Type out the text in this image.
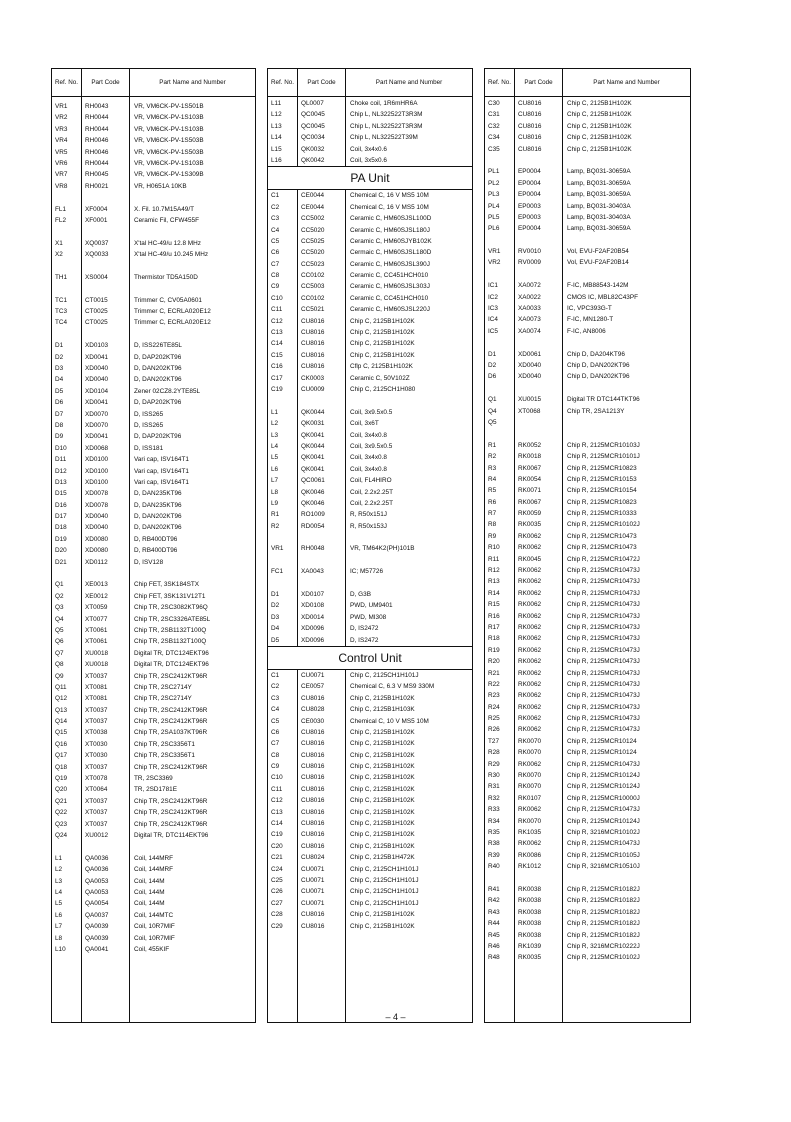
Ref. No.	Part Code	Part Name and Number
VR1	RH0043	VR, VM6CK-PV-1S501B
VR2	RH0044	VR, VM6CK-PV-1S103B
VR3	RH0044	VR, VM6CK-PV-1S103B
VR4	RH0046	VR, VM6CK-PV-1S503B
VR5	RH0046	VR, VM6CK-PV-1S503B
VR6	RH0044	VR, VM6CK-PV-1S103B
VR7	RH0045	VR, VM6CK-PV-1S309B
VR8	RH0021	VR, H0651A 10KB
FL1	XF0004	X. Fil. 10.7M15A49/T
FL2	XF0001	Ceramic Fil, CFW455F
X1	XQ0037	X'tal HC-49/u 12.8 MHz
X2	XQ0033	X'tal HC-49/u 10.245 MHz
TH1	XS0004	Thermistor TD5A150D
TC1	CT0015	Trimmer C, CV05A0601
TC3	CT0025	Trimmer C, ECRLA020E12
TC4	CT0025	Trimmer C, ECRLA020E12
D1	XD0103	D, ISS226TE85L
D2	XD0041	D, DAP202KT96
D3	XD0040	D, DAN202KT96
D4	XD0040	D, DAN202KT96
D5	XD0104	Zener 02CZ8.2YTE85L
D6	XD0041	D, DAP202KT96
D7	XD0070	D, ISS265
D8	XD0070	D, ISS265
D9	XD0041	D, DAP202KT96
D10	XD0068	D, ISS181
D11	XD0100	Vari cap, ISV164T1
D12	XD0100	Vari cap, ISV164T1
D13	XD0100	Vari cap, ISV164T1
D15	XD0078	D, DAN235KT96
D16	XD0078	D, DAN235KT96
D17	XD0040	D, DAN202KT96
D18	XD0040	D, DAN202KT96
D19	XD0080	D, RB400DT96
D20	XD0080	D, RB400DT96
D21	XD0112	D, ISV128
Q1	XE0013	Chip FET, 3SK184STX
Q2	XE0012	Chip FET, 3SK131V12T1
Q3	XT0059	Chip TR, 2SC3082KT96Q
Q4	XT0077	Chip TR, 2SC3326ATE85L
Q5	XT0061	Chip TR, 2SB1132T100Q
Q6	XT0061	Chip TR, 2SB1132T100Q
Q7	XU0018	Digital TR, DTC124EKT96
Q8	XU0018	Digital TR, DTC124EKT96
Q9	XT0037	Chip TR, 2SC2412KT96R
Q11	XT0081	Chip TR, 2SC2714Y
Q12	XT0081	Chip TR, 2SC2714Y
Q13	XT0037	Chip TR, 2SC2412KT96R
Q14	XT0037	Chip TR, 2SC2412KT96R
Q15	XT0038	Chip TR, 2SA1037KT96R
Q16	XT0030	Chip TR, 2SC3356T1
Q17	XT0030	Chip TR, 2SC3356T1
Q18	XT0037	Chip TR, 2SC2412KT96R
Q19	XT0078	TR, 2SC3369
Q20	XT0064	TR, 2SD1781E
Q21	XT0037	Chip TR, 2SC2412KT96R
Q22	XT0037	Chip TR, 2SC2412KT96R
Q23	XT0037	Chip TR, 2SC2412KT96R
Q24	XU0012	Digital TR, DTC114EKT96
L1	QA0036	Coil, 144MRF
L2	QA0036	Coil, 144MRF
L3	QA0053	Coil, 144M
L4	QA0053	Coil, 144M
L5	QA0054	Coil, 144M
L6	QA0037	Coil, 144MTC
L7	QA0039	Coil, 10R7MIF
L8	QA0039	Coil, 10R7MIF
L10	QA0041	Coil, 455KIF
Ref. No.	Part Code	Part Name and Number
L11	QL0007	Choke coil, 1R6mHR6A
L12	QC0045	Chip L, NL322522T3R3M
L13	QC0045	Chip L, NL322522T3R3M
L14	QC0034	Chip L, NL322522T39M
L15	QK0032	Coil, 3x4x0.6
L16	QK0042	Coil, 3x5x0.6
PA Unit
C1	CE0044	Chemical C, 16 V MS5 10M
C2	CE0044	Chemical C, 16 V MS5 10M
C3	CC5002	Ceramic C, HM60SJSL100D
C4	CC5020	Ceramic C, HM60SJSL180J
C5	CC5025	Ceramic C, HM60SJYB102K
C6	CC5020	Cermaic C, HM60SJSL180D
C7	CC5023	Ceramic C, HM60SJSL390J
C8	CC0102	Ceramic C, CC451HCH010
C9	CC5003	Ceramic C, HM60SJSL303J
C10	CC0102	Ceramic C, CC451HCH010
C11	CC5021	Ceramic C, HM60SJSL220J
C12	CU8016	Chip C, 2125B1H102K
C13	CU8016	Chip C, 2125B1H102K
C14	CU8016	Chip C, 2125B1H102K
C15	CU8016	Chip C, 2125B1H102K
C16	CU8016	Cflp C, 2125B1H102K
C17	CK0003	Ceramic C, 50V102Z
C19	CU0009	Chip C, 2125CH1H080
L1	QK0044	Coil, 3x9.5x0.5
L2	QK0031	Coil, 3x6T
L3	QK0041	Coil, 3x4x0.8
L4	QK0044	Coil, 3x9.5x0.5
L5	QK0041	Coil, 3x4x0.8
L6	QK0041	Coil, 3x4x0.8
L7	QC0061	Coil, FL4HIRO
L8	QK0046	Coil, 2.2x2.25T
L9	QK0046	Coil, 2.2x2.25T
R1	RO1009	R, R50x151J
R2	RD0054	R, R50x153J
VR1	RH0048	VR, TM64K2(PH)101B
FC1	XA0043	IC; M57726
D1	XD0107	D, G3B
D2	XD0108	PWD, UM9401
D3	XD0014	PWD, MI308
D4	XD0096	D, IS2472
D5	XD0096	D, IS2472
Control Unit
C1	CU0071	Chip C, 2125CH1H101J
C2	CE0057	Chemical C, 6.3 V MS9 330M
C3	CU8016	Chip C, 2125B1H102K
C4	CU8028	Chip C, 2125B1H103K
C5	CE0030	Chemical C, 10 V MS5 10M
C6	CU8016	Chip C, 2125B1H102K
C7	CU8016	Chip C, 2125B1H102K
C8	CU8016	Chip C, 2125B1H102K
C9	CU8016	Chip C, 2125B1H102K
C10	CU8016	Chip C, 2125B1H102K
C11	CU8016	Chip C, 2125B1H102K
C12	CU8016	Chip C, 2125B1H102K
C13	CU8016	Chip C, 2125B1H102K
C14	CU8016	Chip C, 2125B1H102K
C19	CU8016	Chip C, 2125B1H102K
C20	CU8016	Chip C, 2125B1H102K
C21	CU8024	Chip C, 2125B1H472K
C24	CU0071	Chip C, 2125CH1H101J
C25	CU0071	Chip C, 2125CH1H101J
C26	CU0071	Chip C, 2125CH1H101J
C27	CU0071	Chip C, 2125CH1H101J
C28	CU8016	Chip C, 2125B1H102K
C29	CU8016	Chip C, 2125B1H102K
Ref. No.	Part Code	Part Name and Number
C30	CU8016	Chip C, 2125B1H102K
C31	CU8016	Chip C, 2125B1H102K
C32	CU8016	Chip C, 2125B1H102K
C34	CU8016	Chip C, 2125B1H102K
C35	CU8016	Chip C, 2125B1H102K
PL1	EP0004	Lamp, BQ031-30659A
PL2	EP0004	Lamp, BQ031-30659A
PL3	EP0004	Lamp, BQ031-30659A
PL4	EP0003	Lamp, BQ031-30403A
PL5	EP0003	Lamp, BQ031-30403A
PL6	EP0004	Lamp, BQ031-30659A
VR1	RV0010	Vol, EVU-F2AF20B54
VR2	RV0009	Vol, EVU-F2AF20B14
IC1	XA0072	F-IC, MB88543-142M
IC2	XA0022	CMOS IC, MBL82C43PF
IC3	XA0033	IC, VPC393G-T
IC4	XA0073	F-IC, MN1280-T
IC5	XA0074	F-IC, AN8006
D1	XD0061	Chip D, DA204KT96
D2	XD0040	Chip D, DAN202KT96
D6	XD0040	Chip D, DAN202KT96
Q1	XU0015	Digital TR DTC144TKT96
Q4	XT0068	Chip TR, 2SA1213Y
Q5
R1	RK0052	Chip R, 2125MCR10103J
R2	RK0018	Chip R, 2125MCR10101J
R3	RK0067	Chip R, 2125MCR10823
R4	RK0054	Chip R, 2125MCR10153
R5	RK0071	Chip R, 2125MCR10154
R6	RK0067	Chip R, 2125MCR10823
R7	RK0059	Chip R, 2125MCR10333
R8	RK0035	Chip R, 2125MCR10102J
R9	RK0062	Chip R, 2125MCR10473
R10	RK0062	Chip R, 2125MCR10473
R11	RK0045	Chip R, 2125MCR10472J
R12	RK0062	Chip R, 2125MCR10473J
R13	RK0062	Chip R, 2125MCR10473J
R14	RK0062	Chip R, 2125MCR10473J
R15	RK0062	Chip R, 2125MCR10473J
R16	RK0062	Chip R, 2125MCR10473J
R17	RK0062	Chip R, 2125MCR10473J
R18	RK0062	Chip R, 2125MCR10473J
R19	RK0062	Chip R, 2125MCR10473J
R20	RK0062	Chip R, 2125MCR10473J
R21	RK0062	Chip R, 2125MCR10473J
R22	RK0062	Chip R, 2125MCR10473J
R23	RK0062	Chip R, 2125MCR10473J
R24	RK0062	Chip R, 2125MCR10473J
R25	RK0062	Chip R, 2125MCR10473J
R26	RK0062	Chip R, 2125MCR10473J
T27	RK0070	Chip R, 2125MCR10124
R28	RK0070	Chip R, 2125MCR10124
R29	RK0062	Chip R, 2125MCR10473J
R30	RK0070	Chip R, 2125MCR10124J
R31	RK0070	Chip R, 2125MCR10124J
R32	RK0107	Chip R, 2125MCR10000J
R33	RK0062	Chip R, 2125MCR10473J
R34	RK0070	Chip R, 2125MCR10124J
R35	RK1035	Chip R, 3216MCR10102J
R38	RK0062	Chip R, 2125MCR10473J
R39	RK0086	Chip R, 2125MCR10105J
R40	RK1012	Chip R, 3216MCR10510J
R41	RK0038	Chip R, 2125MCR10182J
R42	RK0038	Chip R, 2125MCR10182J
R43	RK0038	Chip R, 2125MCR10182J
R44	RK0038	Chip R, 2125MCR10182J
R45	RK0038	Chip R, 2125MCR10182J
R46	RK1039	Chip R, 3216MCR10222J
R48	RK0035	Chip R, 2125MCR10102J
– 4 –
